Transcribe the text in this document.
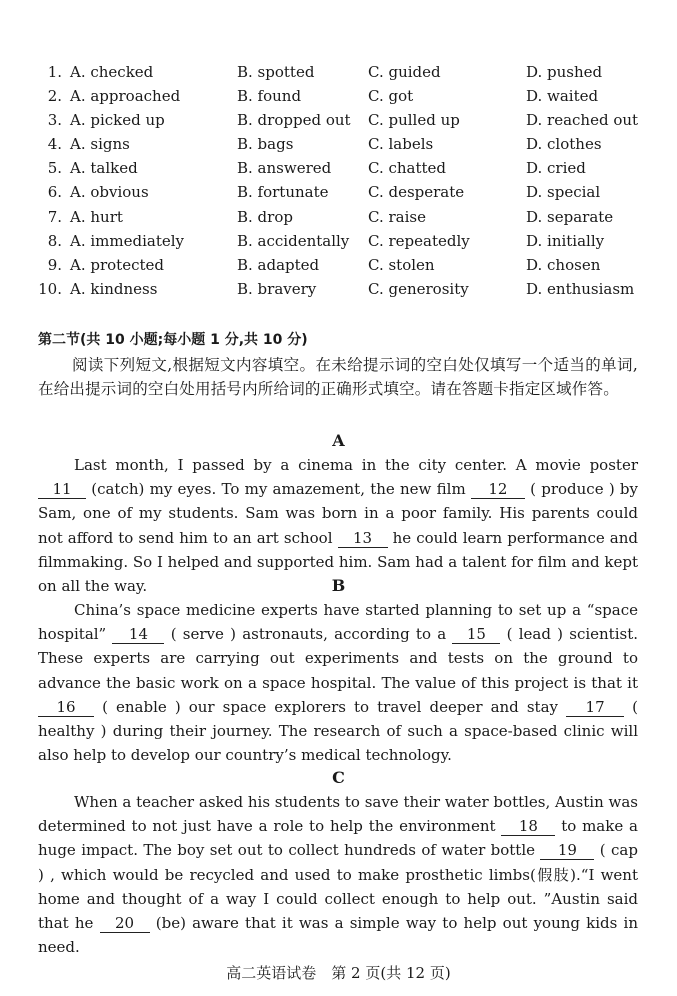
1. A. checked	B. spotted	C. guided	D. pushed
2. A. approached	B. found	C. got	D. waited
3. A. picked up	B. dropped out C. pulled up	D. reached out
4. A. signs	B. bags	C. labels	D. clothes
5. A. talked	B. answered C. chatted	D. cried
6. A. obvious	B. fortunate	C. desperate	D. special
7. A. hurt	B. drop	C. raise	D. separate
8. A. immediately	B. accidentally C. repeatedly	D. initially
9. A. protected	B. adapted	C. stolen	D. chosen
10. A. kindness	B. bravery	C. generosity	D. enthusiasm
第二节(共 10 小题;每小题 1 分,共 10 分)
阅读下列短文,根据短文内容填空。在未给提示词的空白处仅填写一个适当的单词,在给出提示词的空白处用括号内所给词的正确形式填空。请在答题卡指定区域作答。
A

Last month, I passed by a cinema in the city center. A movie poster 11 (catch) my eyes. To my amazement, the new film 12 ( produce ) by Sam, one of my students. Sam was born in a poor family. His parents could not afford to send him to an art school 13 he could learn performance and filmmaking. So I helped and supported him. Sam had a talent for film and kept on all the way.	B

China’s space medicine experts have started planning to set up a “space hospital” 14 ( serve ) astronauts, according to a 15 ( lead ) scientist. These experts are carrying out experiments and tests on the ground to advance the basic work on a space hospital. The value of this project is that it 16 ( enable ) our space explorers to travel deeper and stay 17 ( healthy ) during their journey. The research of such a space-based clinic will also help to develop our country’s medical technology.

C

When a teacher asked his students to save their water bottles, Austin was determined to not just have a role to help the environment 18 to make a huge impact. The boy set out to collect hundreds of water bottle 19 ( cap ) , which would be recycled and used to make prosthetic limbs(假肢).“I went home and thought of a way I could collect enough to help out. ”Austin said that he 20 (be) aware that it was a simple way to help out young kids in need.

高二英语试卷　第 2 页(共 12 页)
